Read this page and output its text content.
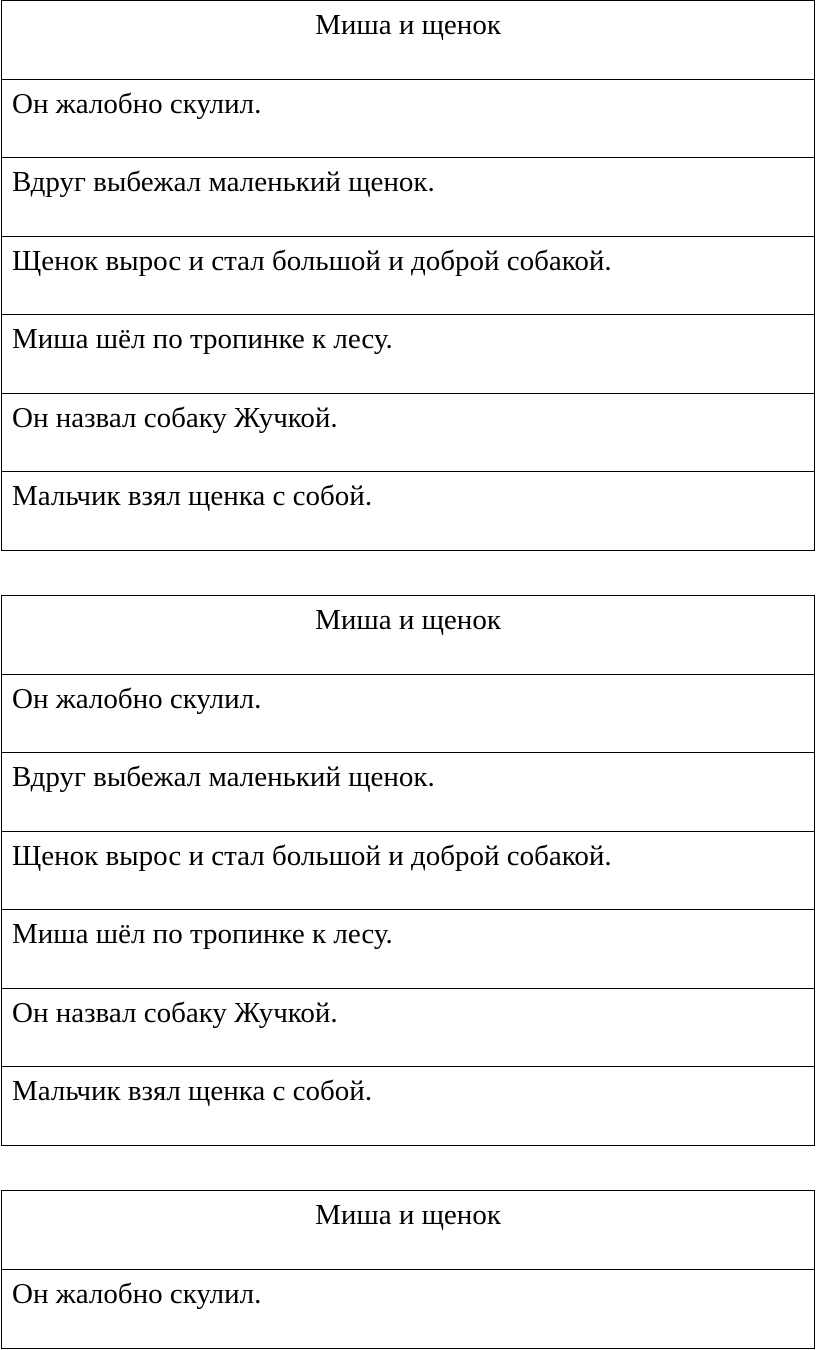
Миша и щенок
Он жалобно скулил.
Вдруг выбежал маленький щенок.
Щенок вырос и стал большой и доброй собакой.
Миша шёл по тропинке к лесу.
Он назвал собаку Жучкой.
Мальчик взял щенка с собой.
Миша и щенок
Он жалобно скулил.
Вдруг выбежал маленький щенок.
Щенок вырос и стал большой и доброй собакой.
Миша шёл по тропинке к лесу.
Он назвал собаку Жучкой.
Мальчик взял щенка с собой.
Миша и щенок
Он жалобно скулил.
